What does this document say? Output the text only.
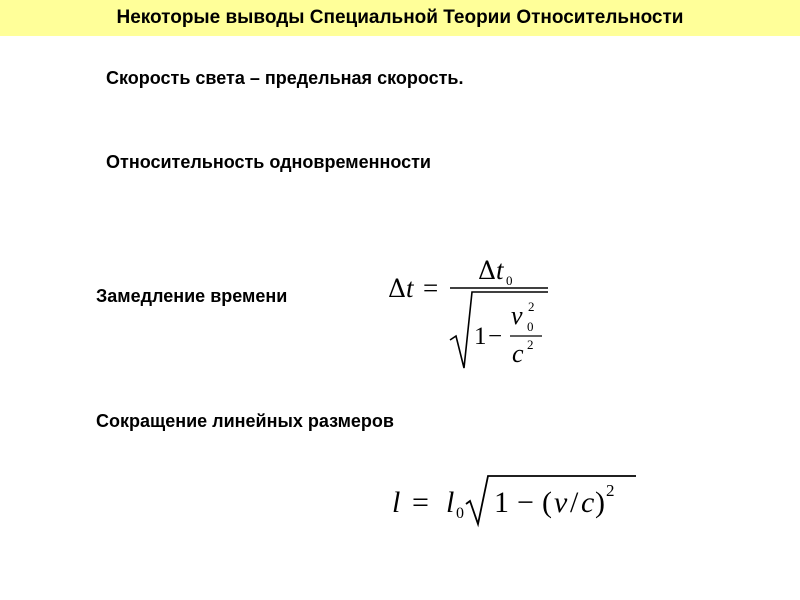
Некоторые выводы Специальной Теории Относительности
Скорость света – предельная скорость.
Относительность одновременности
Замедление времени
Сокращение линейных размеров
Δ t =
Δ t 0
1 −
v 2
0
c 2
l = l 0 1 − ( v / c ) 2
